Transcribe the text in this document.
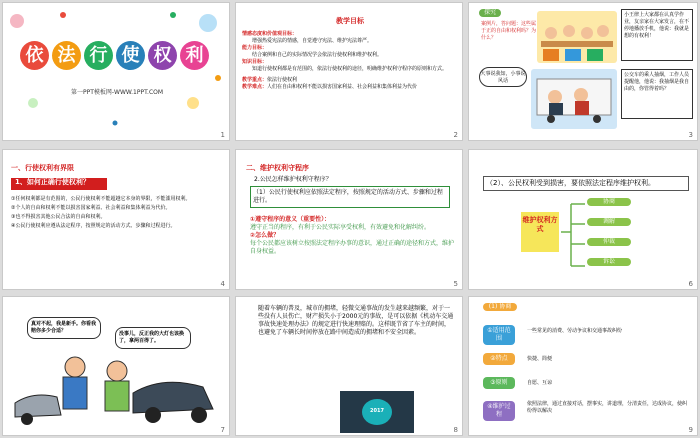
依 法 行 使 权 利
第一PPT模板网-WWW.1PPT.COM
1
教学目标
情感态度和价值观目标：
增强热爱宪法的情感，自觉遵守宪法、维护宪法尊严。
能力目标：
结合案例和自己的实际情况学会依法行使权利和维护权利。
知识目标：
知道行使权利都是有范围的，依法行使权利的途径，明确维护权利守程序的原则和方式。
教学重点：依法行使权利
教学难点：人们在自由和权利不能以损害国家利益、社会利益和集体利益为代价
2
探究
案例片，答问题：这些属于正的自由和权利吗？为什么？
小王律上大家都在认真学作业，友亲家在大家发言，在不停地播放手机，他说：我就是想的有权利！
大事说我知，小事说风话
公交车的乘人抽烟，工作人员提醒他，他说：我抽烟是我自由的，你管得着吗？
3
一、行使权利有界限
1、如何正确行使权利？
①任何权利都是有范围的，公民行使权利不能超越它本身的界限，不能滥用权利。
②个人的自由和权利不能以损害国家利益、社会利益和集体利益为代价。
③也不得损害其他公民合法的自由和权利。
④公民行使权利应遵从法定程序，按照规定的活动方式、步骤和过程进行。
4
二、维护权利守程序
2.公民怎样维护权利守程序？
（1）公民行使权利应依照法定程序，按照规定的活动方式、步骤和过程进行。
①遵守程序的意义（重要性）：
遵守正当的程序，有利于公民实际享受权利，有效避免和化解纠纷。
②怎么做？
每个公民都应该树立按照法定程序办事的意识，通过正确的途径和方式，维护自身权益。
5
（2）、公民权利受到损害，要依照法定程序维护权利。
维护权利方式
协商
调解
仲裁
诉讼
6
真对不起，我是新手。你看我赔你多少合适？	没事儿，反正我的大灯也该换了，拿两百得了。
7
随着车辆的普及，城市的拥堵，轻微交通事故的发生越来越频繁，对于一些没有人员伤亡，财产损失小于2000元的事故，是可以依据《机动车交通事故快速处理办法》的规定进行快速理赔的。这样既节省了车主的时间，也避免了车辆长时间停放在路中间造成的拥堵和不安全因素。
2017
8
(1) 协商
①适用范围
一些常见的消费、劳动争议和交通事故纠纷
②特点	快捷、简便
③原则	自愿、互谅
④维护过程
依照法律，通过直接对话，摆事实，讲道理，分清责任，达成协议，使纠纷得以解决
9
